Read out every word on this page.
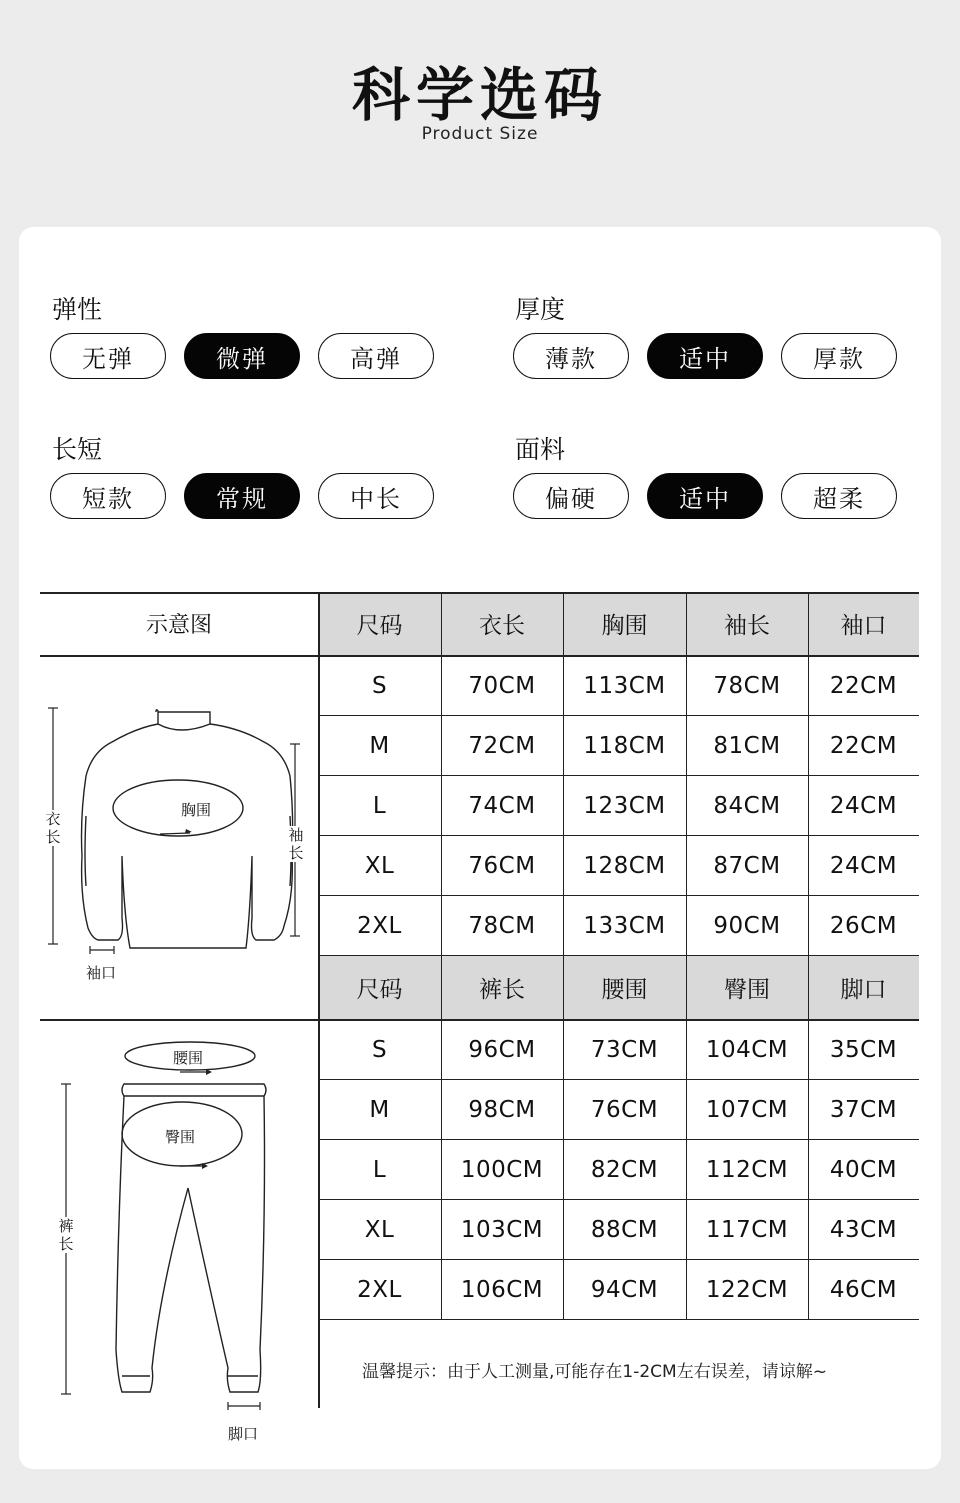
科学选码
Product Size
弹性
无弹	微弹	高弹
厚度
薄款	适中	厚款
长短
短款	常规	中长
面料
偏硬	适中	超柔
示意图	尺码	衣长	胸围	袖长	袖口
S	70CM	113CM	78CM	22CM
M	72CM	118CM	81CM	22CM
L	74CM	123CM	84CM	24CM
XL	76CM	128CM	87CM	24CM
2XL	78CM	133CM	90CM	26CM
尺码	裤长	腰围	臀围	脚口
S	96CM	73CM	104CM	35CM
M	98CM	76CM	107CM	37CM
L	100CM	82CM	112CM	40CM
XL	103CM	88CM	117CM	43CM
2XL	106CM	94CM	122CM	46CM
衣长
胸围
袖长
袖口
腰围
臀围
裤长
脚口
温馨提示：由于人工测量,可能存在1-2CM左右误差，请谅解~
